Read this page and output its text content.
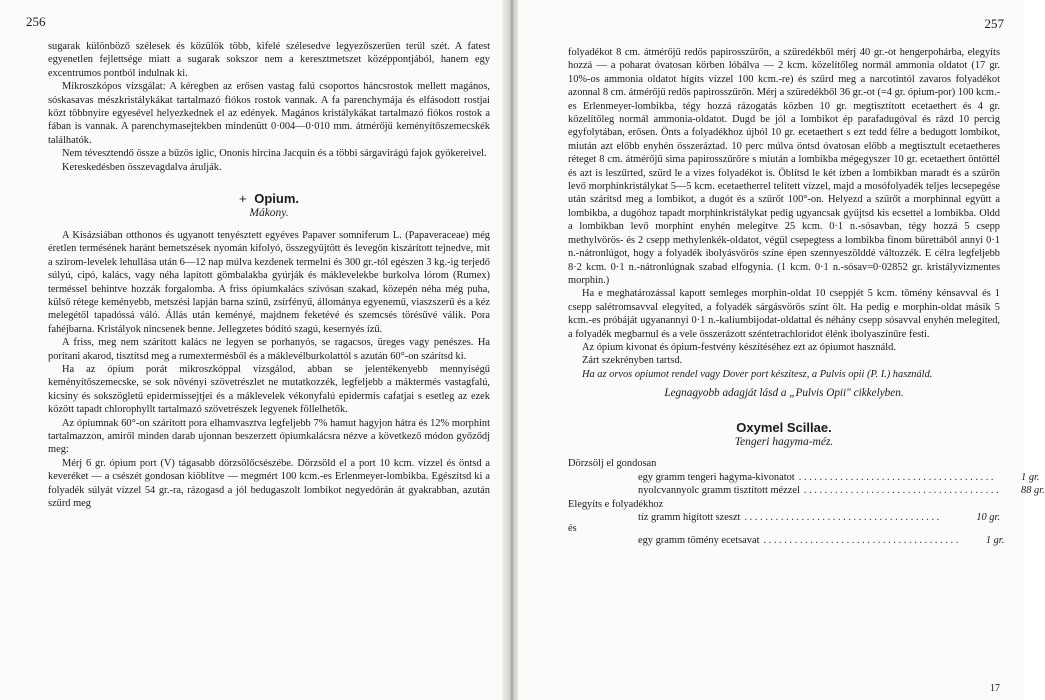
256

sugarak különböző szélesek és közülök több, kifelé szélesedve legyezőszerűen terül szét. A fatest egyenetlen fejlettsége miatt a sugarak sokszor nem a keresztmetszet középpontjából, hanem egy excentrumos pontból indulnak ki.

Mikroszkópos vizsgálat: A kéregben az erősen vastag falú csoportos háncsrostok mellett magános, sóskasavas mészkristálykákat tartalmazó fiókos rostok vannak. A fa parenchymája és elfásodott rostjai közt többnyire egyesével helyezkednek el az edények. Magános kristálykákat tartalmazó fiókos rostok a fában is vannak. A parenchymasejtekben mindenütt 0·004—0·010 mm. átmérőjű keményítőszemecskék találhatók.

Nem tévesztendő össze a bűzös iglic, Ononis hircina Jacquin és a többi sárgavirágú fajok gyökereivel.

Kereskedésben összevagdalva árulják.

+ Opium.
Mákony.

A Kisázsiában otthonos és ugyanott tenyésztett egyéves Papaver somniferum L. (Papaveraceae) még éretlen termésének haránt bemetszések nyomán kifolyó, összegyűjtött és levegőn kiszárított tejnedve, mit a szirom-levelek lehullása után 6—12 nap múlva kezdenek termelni és 300 gr.-tól egészen 3 kg.-ig terjedő súlyú, cipó, kalács, vagy néha lapított gömbalakba gyúrják és máklevelekbe burkolva lórom (Rumex) terméssel behintve hozzák forgalomba. A friss ópiumkalács szívósan szakad, közepén néha még puha, külső rétege keményebb, metszési lapján barna színű, zsírfényű, állománya egyenemű, viaszszerű és a kéz melegétől tapadóssá váló. Állás után keményé, majdnem feketévé és szemcsés törésűvé válik. Pora fahéjbarna. Kristályok nincsenek benne. Jellegzetes bódító szagú, kesernyés ízű.

A friss, meg nem szárított kalács ne legyen se porhanyós, se ragacsos, üreges vagy penészes. Ha porítani akarod, tisztítsd meg a rumextermésből és a máklevélburkolattól s azután 60°-on szárítsd ki.

Ha az ópium porát mikroszkóppal vizsgálod, abban se jelentékenyebb mennyiségű keményítőszemecske, se sok növényi szövetrészlet ne mutatkozzék, legfeljebb a máktermés vastagfalú, kicsiny és sokszögletű epidermissejtjei és a máklevelek vékonyfalú epidermis cafatjai s esetleg az ezek között tapadt chlorophyllt tartalmazó szövetrészek legyenek föllelhetők.

Az ópiumnak 60°-on szárított pora elhamvasztva legfeljebb 7% hamut hagyjon hátra és 12% morphint tartalmazzon, amiről minden darab ujonnan beszerzett ópiumkalácsra nézve a következő módon győződj meg:

Mérj 6 gr. ópium port (V) tágasabb dörzsölőcsészébe. Dörzsöld el a port 10 kcm. vízzel és öntsd a keveréket — a csészét gondosan kiöblítve — megmért 100 kcm.-es Erlenmeyer-lombikba. Egészítsd ki a folyadék súlyát vízzel 54 gr.-ra, rázogasd a jól bedugaszolt lombikot negyedórán át gyakrabban, azután szűrd meg

257

folyadékot 8 cm. átmérőjű redős papirosszűrőn, a szüredékből mérj 40 gr.-ot hengerpohárba, elegyíts hozzá — a poharat óvatosan körben lóbálva — 2 kcm. közelítőleg normál ammonia oldatot (17 gr. 10%-os ammonia oldatot hígíts vízzel 100 kcm.-re) és szűrd meg a narcotintól zavaros folyadékot azonnal 8 cm. átmérőjű redős papirosszűrőn. Mérj a szüredékből 36 gr.-ot (=4 gr. ópium-por) 100 kcm.-es Erlenmeyer-lombikba, tégy hozzá rázogatás közben 10 gr. megtisztított ecetaethert és 4 gr. közelítőleg normál ammonia-oldatot. Dugd be jól a lombikot ép parafadugóval és rázd 10 percig egyfolytában, erősen. Önts a folyadékhoz újból 10 gr. ecetaethert s ezt tedd félre a bedugott lombikot, miután azt előbb enyhén összeráztad. 10 perc múlva öntsd óvatosan előbb a megtisztult ecetaetheres réteget 8 cm. átmérőjű sima papirosszűrőre s miután a lombikba mégegyszer 10 gr. ecetaethert öntöttél és azt is leszűrted, szűrd le a vizes folyadékot is. Öblítsd le két ízben a lombikban maradt és a szűrőn levő morphinkristálykat 5—5 kcm. ecetaetherrel telített vízzel, majd a mosófolyadék teljes lecsepegése után szárítsd meg a lombikot, a dugót és a szűrőt 100°-on. Helyezd a szűrőt a morphinnal együtt a lombikba, a dugóhoz tapadt morphinkristálykat pedig ugyancsak gyűjtsd kis ecsettel a lombikba. Oldd a lombikban levő morphint enyhén melegítve 25 kcm. 0·1 n.-sósavban, tégy hozzá 5 csepp methylvörös- és 2 csepp methylenkék-oldatot, végül csepegtess a lombikba finom bürettából annyi 0·1 n.-nátronlúgot, hogy a folyadék ibolyásvörös színe épen szennyeszölddé változzék. E célra legfeljebb 8·2 kcm. 0·1 n.-nátronlúgnak szabad elfogynia. (1 kcm. 0·1 n.-sósav=0·02852 gr. kristályvizmentes morphin.)

Ha e meghatározással kapott semleges morphin-oldat 10 cseppjét 5 kcm. tömény kénsavval és 1 csepp salétromsavval elegyíted, a folyadék sárgásvörös színt ölt. Ha pedig e morphin-oldat másik 5 kcm.-es próbáját ugyanannyi 0·1 n.-kaliumbijodat-oldattal és néhány csepp sósavval enyhén melegíted, a folyadék megbarnul és a vele összerázott széntetrachloridot élénk ibolyaszínűre festi.

Az ópium kivonat és ópium-festvény készítéséhez ezt az ópiumot használd.

Zárt szekrényben tartsd.

Ha az orvos opiumot rendel vagy Dover port készitesz, a Pulvis opii (P. I.) használd.

Legnagyobb adagját lásd a „Pulvis Opii" cikkelyben.

Oxymel Scillae.
Tengeri hagyma-méz.
Dörzsölj el gondosan
egy gramm tengeri hagyma-kivonatot . . . . . . . . . . . . . . . . . . . . . . . . . . . . . . . . . . . . . .	1 gr.
nyolcvannyolc gramm tisztított mézzel . . . . . . . . . . . . . . . . . . . . . . . . . . . . . . . . . . . . . .	88 gr.
Elegyíts e folyadékhoz
tíz gramm higított szeszt . . . . . . . . . . . . . . . . . . . . . . . . . . . . . . . . . . . . . .	10 gr.
és
egy gramm tömény ecetsavat . . . . . . . . . . . . . . . . . . . . . . . . . . . . . . . . . . . . . .	1 gr.
17
